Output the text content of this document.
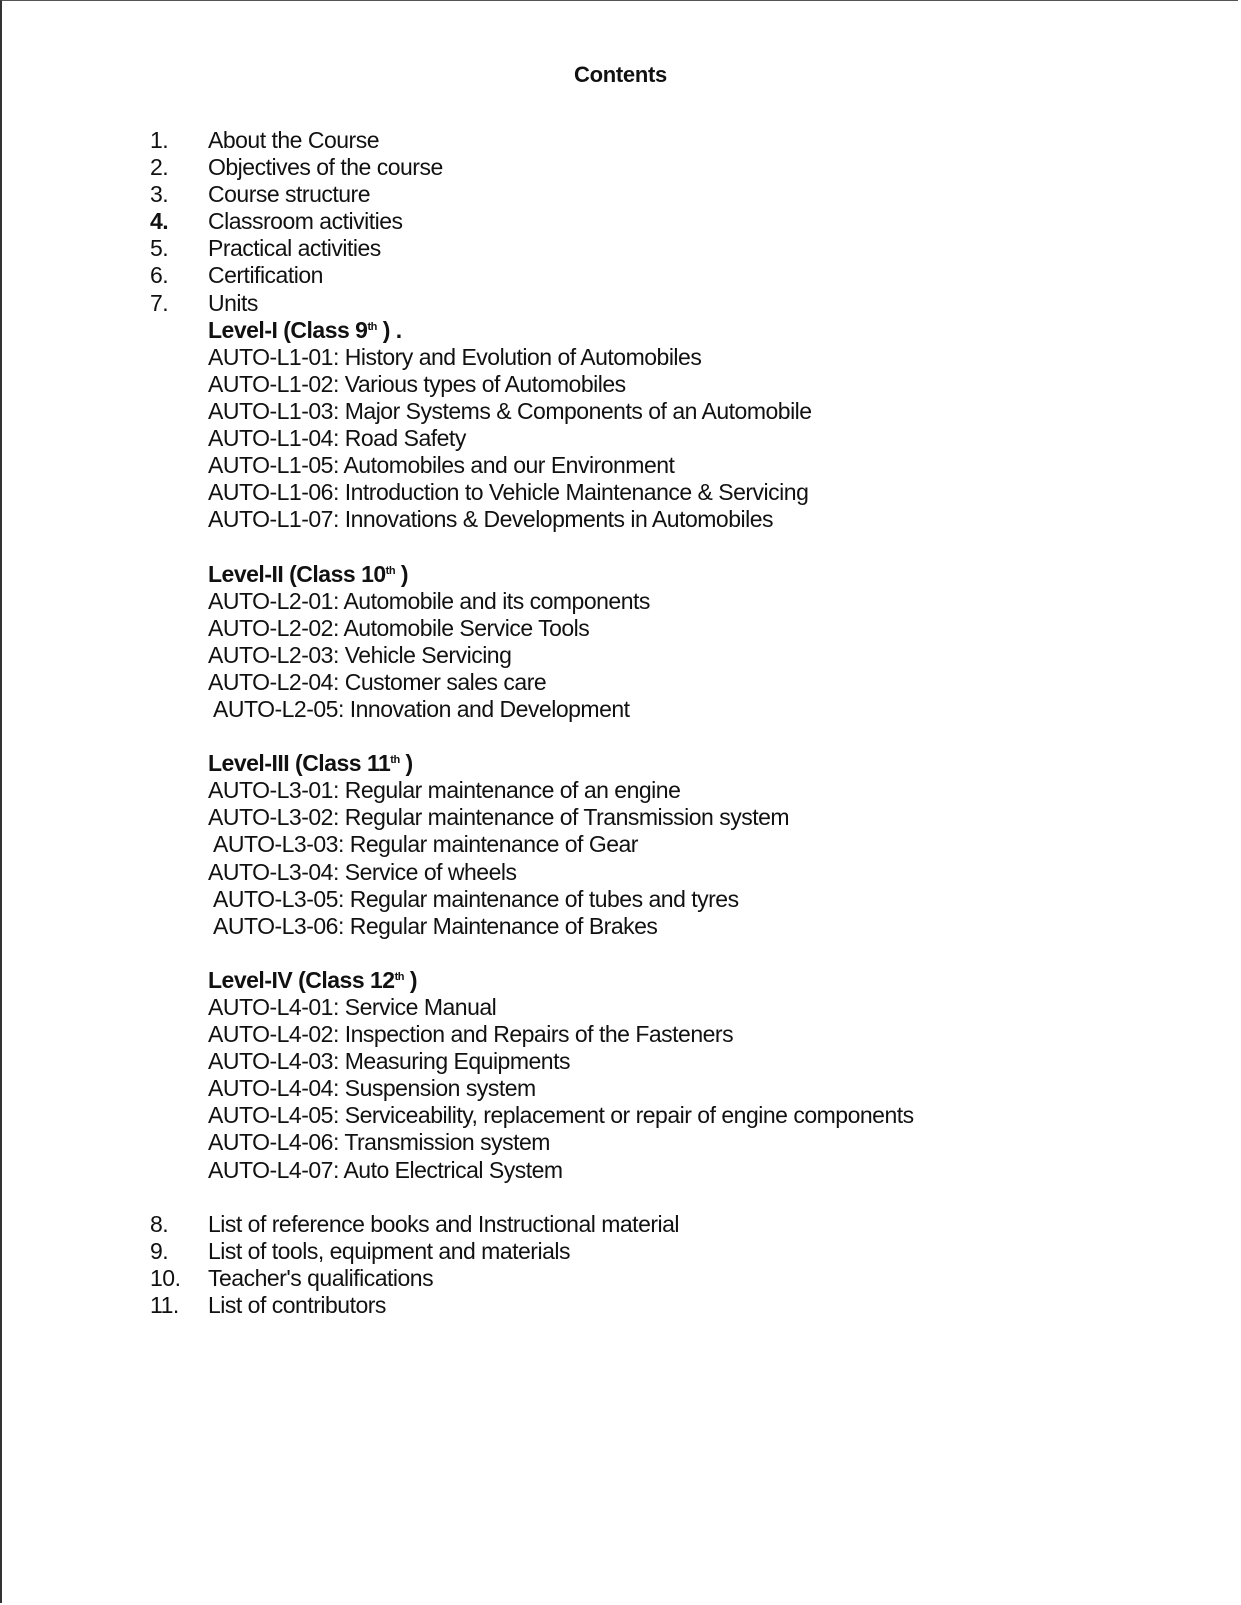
Contents
1.	About the Course
2.	Objectives of the course
3.	Course structure
4.	Classroom activities
5.	Practical activities
6.	Certification
7.	Units
Level-I (Class 9th ) .
AUTO-L1-01: History and Evolution of Automobiles
AUTO-L1-02: Various types of Automobiles
AUTO-L1-03: Major Systems & Components of an Automobile
AUTO-L1-04: Road Safety
AUTO-L1-05: Automobiles and our Environment
AUTO-L1-06: Introduction to Vehicle Maintenance & Servicing
AUTO-L1-07: Innovations & Developments in Automobiles
Level-II (Class 10th )
AUTO-L2-01: Automobile and its components
AUTO-L2-02: Automobile Service Tools
AUTO-L2-03: Vehicle Servicing
AUTO-L2-04: Customer sales care
AUTO-L2-05: Innovation and Development
Level-III (Class 11th )
AUTO-L3-01: Regular maintenance of an engine
AUTO-L3-02: Regular maintenance of Transmission system
AUTO-L3-03: Regular maintenance of Gear
AUTO-L3-04: Service of wheels
AUTO-L3-05: Regular maintenance of tubes and tyres
AUTO-L3-06: Regular Maintenance of Brakes
Level-IV (Class 12th )
AUTO-L4-01: Service Manual
AUTO-L4-02: Inspection and Repairs of the Fasteners
AUTO-L4-03: Measuring Equipments
AUTO-L4-04: Suspension system
AUTO-L4-05: Serviceability, replacement or repair of engine components
AUTO-L4-06: Transmission system
AUTO-L4-07: Auto Electrical System
8.	List of reference books and Instructional material
9.	List of tools, equipment and materials
10.	Teacher's qualifications
11.	List of contributors
